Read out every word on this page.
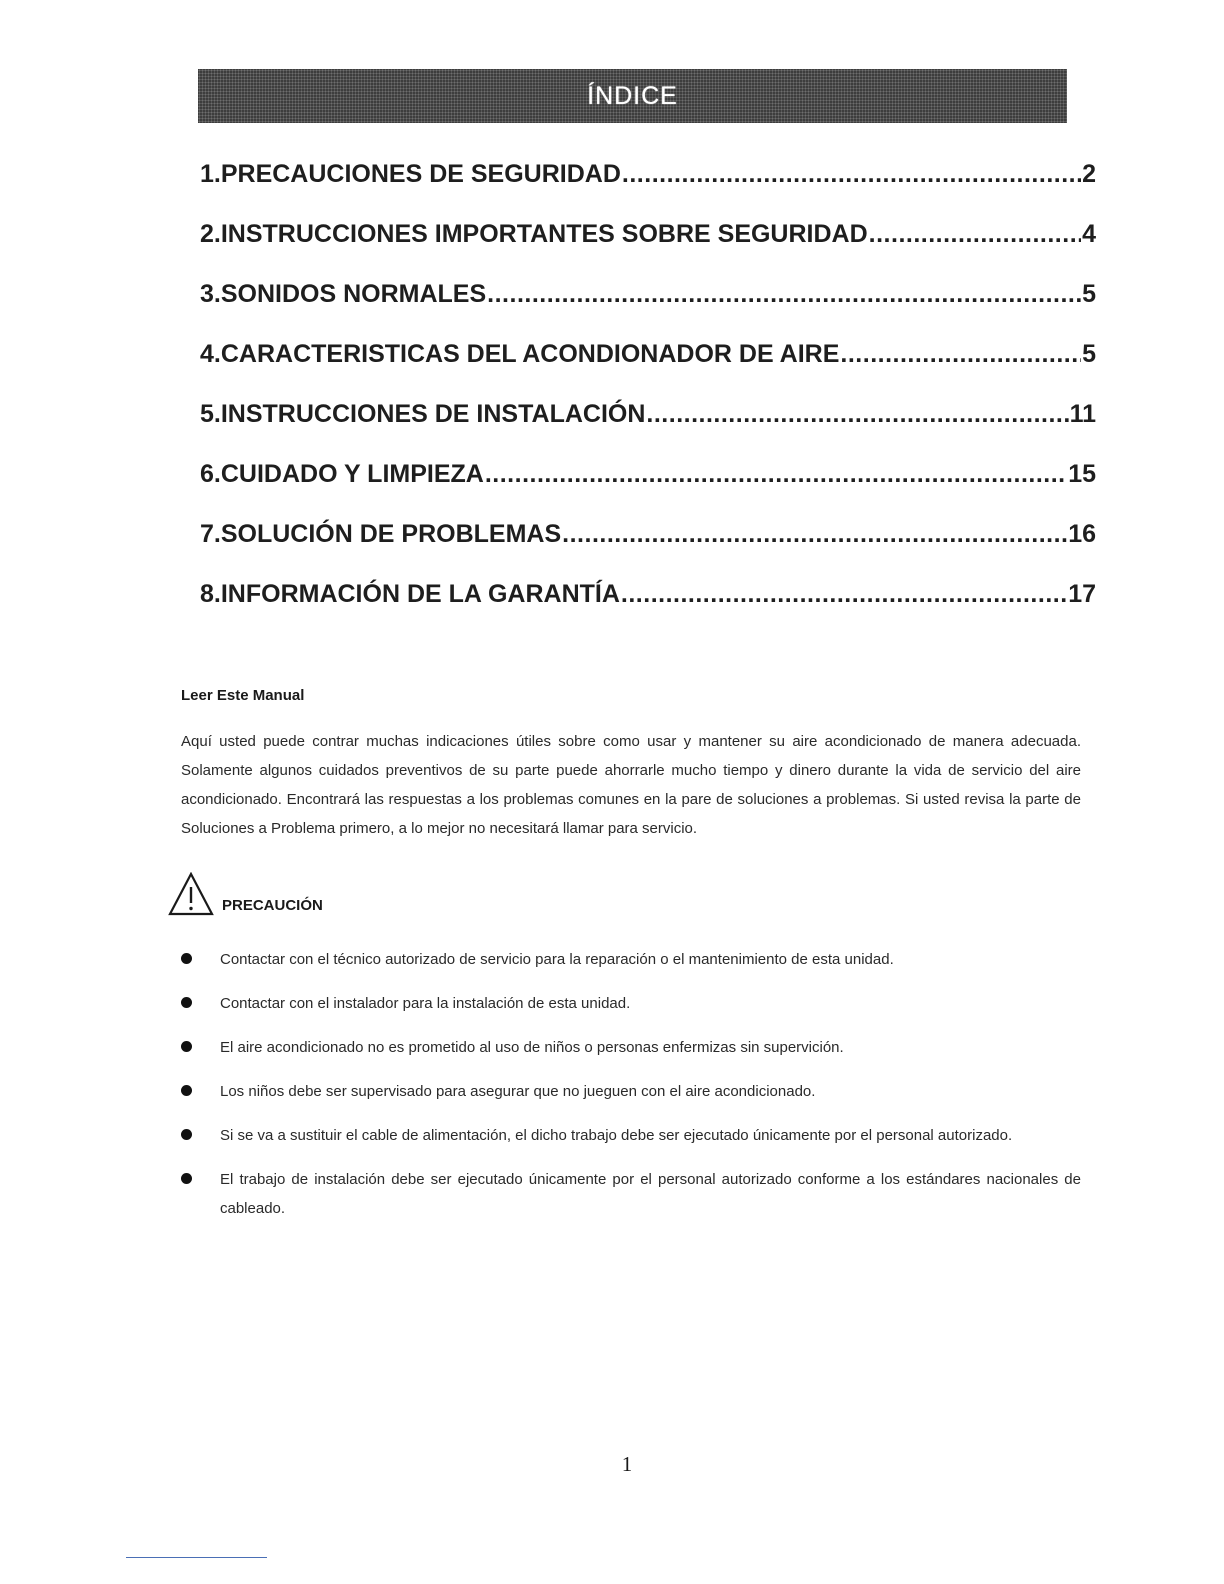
ÍNDICE
1.PRECAUCIONES DE SEGURIDAD .....	2
2.INSTRUCCIONES IMPORTANTES SOBRE SEGURIDAD .....	4
3.SONIDOS NORMALES .....	5
4.CARACTERISTICAS DEL ACONDIONADOR DE AIRE .....	5
5.INSTRUCCIONES DE INSTALACIÓN .....	11
6.CUIDADO Y LIMPIEZA .....	15
7.SOLUCIÓN DE PROBLEMAS .....	16
8.INFORMACIÓN DE LA GARANTÍA .....	17
Leer Este Manual

Aquí usted puede contrar muchas indicaciones útiles sobre como usar y mantener su aire acondicionado de manera adecuada. Solamente algunos cuidados preventivos de su parte puede ahorrarle mucho tiempo y dinero durante la vida de servicio del aire acondicionado. Encontrará las respuestas a los problemas comunes en la pare de soluciones a problemas. Si usted revisa la parte de Soluciones a Problema primero, a lo mejor no necesitará llamar para servicio.

PRECAUCIÓN
Contactar con el técnico autorizado de servicio para la reparación o el mantenimiento de esta unidad.
Contactar con el instalador para la instalación de esta unidad.
El aire acondicionado no es prometido al uso de niños o personas enfermizas sin supervición.
Los niños debe ser supervisado para asegurar que no jueguen con el aire acondicionado.
Si se va a sustituir el cable de alimentación, el dicho trabajo debe ser ejecutado únicamente por el personal autorizado.
El trabajo de instalación debe ser ejecutado únicamente por el personal autorizado conforme a los estándares nacionales de cableado.

1
